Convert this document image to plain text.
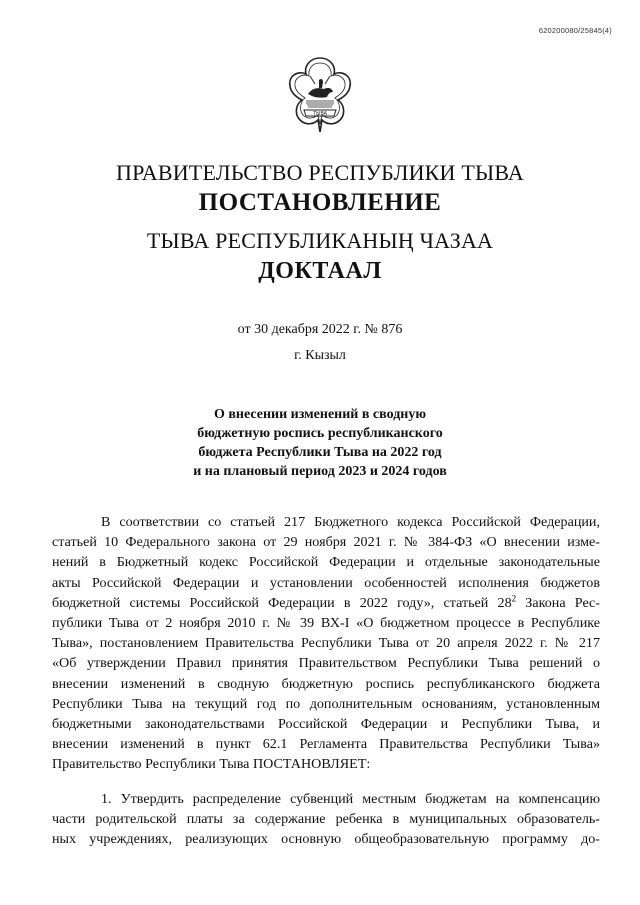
620200080/25845(4)
ТЫВА
ПРАВИТЕЛЬСТВО РЕСПУБЛИКИ ТЫВА
ПОСТАНОВЛЕНИЕ
ТЫВА РЕСПУБЛИКАНЫҢ ЧАЗАА
ДОКТААЛ
от 30 декабря 2022 г. № 876
г. Кызыл
О внесении изменений в сводную
бюджетную роспись республиканского
бюджета Республики Тыва на 2022 год
и на плановый период 2023 и 2024 годов
В соответствии со статьей 217 Бюджетного кодекса Российской Федерации,
статьей 10 Федерального закона от 29 ноября 2021 г. № 384-ФЗ «О внесении изме-
нений в Бюджетный кодекс Российской Федерации и отдельные законодательные
акты Российской Федерации и установлении особенностей исполнения бюджетов
бюджетной системы Российской Федерации в 2022 году», статьей $28^2$ Закона Рес-
публики Тыва от 2 ноября 2010 г. № 39 ВХ-I «О бюджетном процессе в Республике
Тыва», постановлением Правительства Республики Тыва от 20 апреля 2022 г. № 217
«Об утверждении Правил принятия Правительством Республики Тыва решений о
внесении изменений в сводную бюджетную роспись республиканского бюджета
Республики Тыва на текущий год по дополнительным основаниям, установленным
бюджетными законодательствами Российской Федерации и Республики Тыва, и
внесении изменений в пункт 62.1 Регламента Правительства Республики Тыва»
Правительство Республики Тыва ПОСТАНОВЛЯЕТ:
1. Утвердить распределение субвенций местным бюджетам на компенсацию
части родительской платы за содержание ребенка в муниципальных образователь-
ных учреждениях, реализующих основную общеобразовательную программу до-
